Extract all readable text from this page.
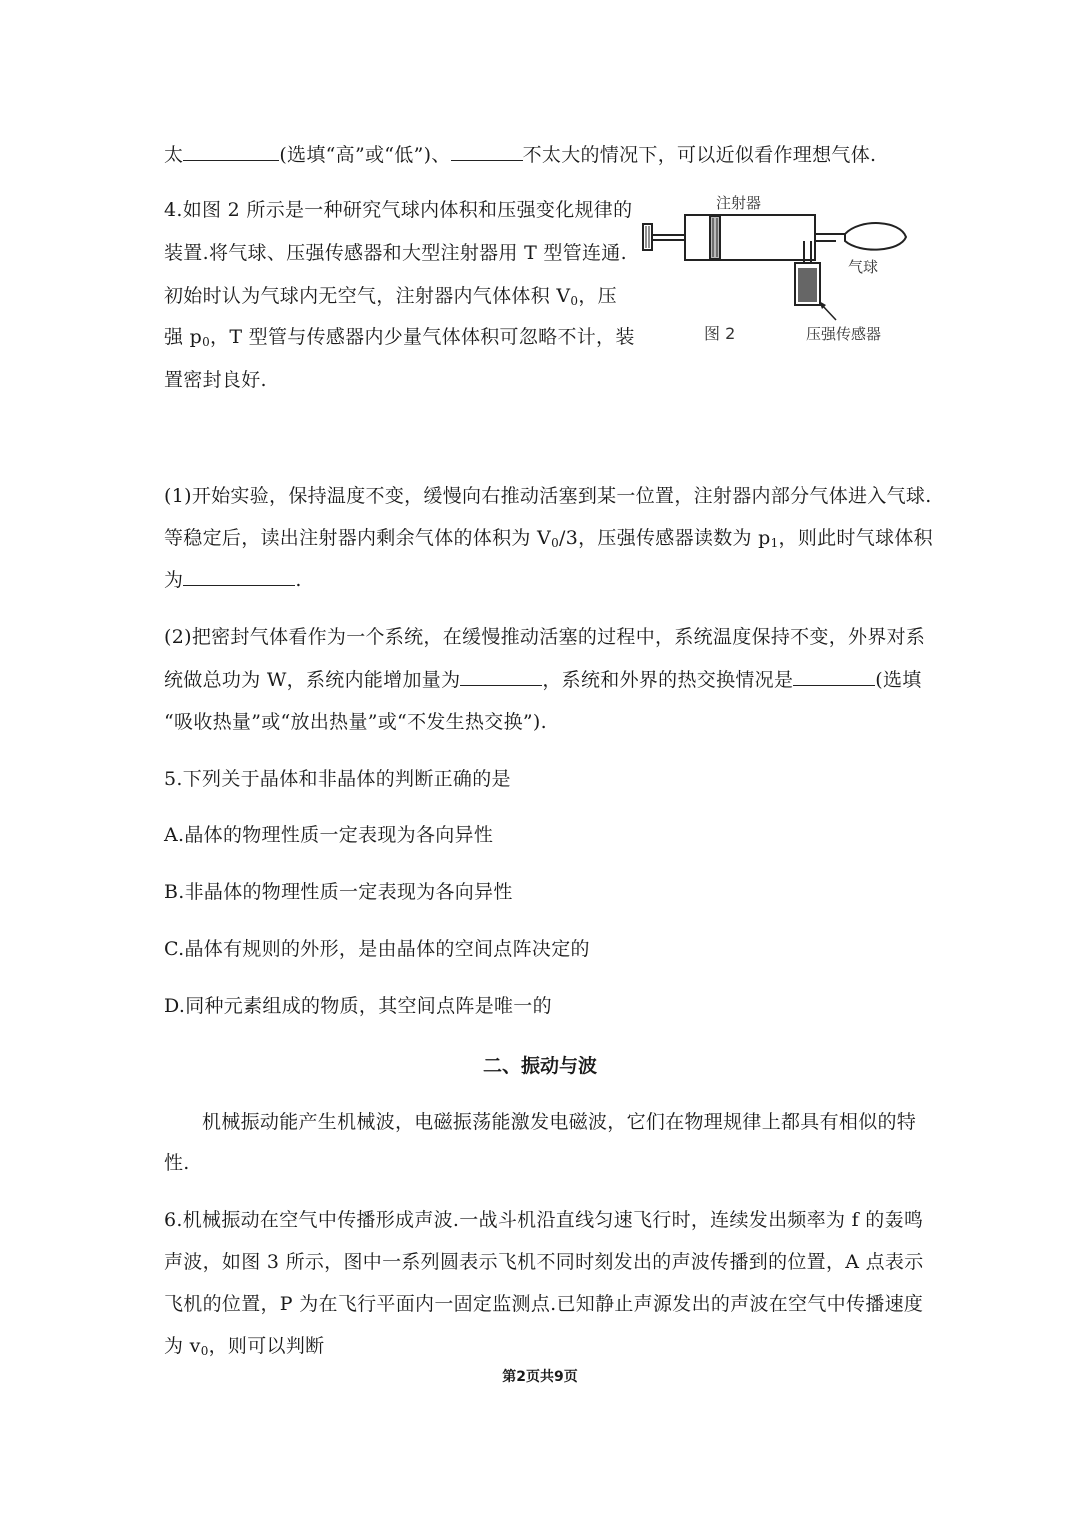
太	(选填“高”或“低”)、	不太大的情况下，可以近似看作理想气体.
4.如图 2 所示是一种研究气球内体积和压强变化规律的
装置.将气球、压强传感器和大型注射器用 T 型管连通.
初始时认为气球内无空气，注射器内气体体积 $V_0$，压
强 $p_0$，T 型管与传感器内少量气体体积可忽略不计，装
置密封良好.
注射器
气球
压强传感器
图 2
(1)开始实验，保持温度不变，缓慢向右推动活塞到某一位置，注射器内部分气体进入气球.
等稳定后，读出注射器内剩余气体的体积为 $V_0/3$，压强传感器读数为 $p_1$，则此时气球体积
为	.
(2)把密封气体看作为一个系统，在缓慢推动活塞的过程中，系统温度保持不变，外界对系
统做总功为 W，系统内能增加量为	，系统和外界的热交换情况是	(选填
“吸收热量”或“放出热量”或“不发生热交换”).
5.下列关于晶体和非晶体的判断正确的是
A.晶体的物理性质一定表现为各向异性
B.非晶体的物理性质一定表现为各向异性
C.晶体有规则的外形，是由晶体的空间点阵决定的
D.同种元素组成的物质，其空间点阵是唯一的
二、振动与波
机械振动能产生机械波，电磁振荡能激发电磁波，它们在物理规律上都具有相似的特
性.
6.机械振动在空气中传播形成声波.一战斗机沿直线匀速飞行时，连续发出频率为 f 的轰鸣
声波，如图 3 所示，图中一系列圆表示飞机不同时刻发出的声波传播到的位置，A 点表示
飞机的位置，P 为在飞行平面内一固定监测点.已知静止声源发出的声波在空气中传播速度
为 $v_0$，则可以判断
第2页共9页
